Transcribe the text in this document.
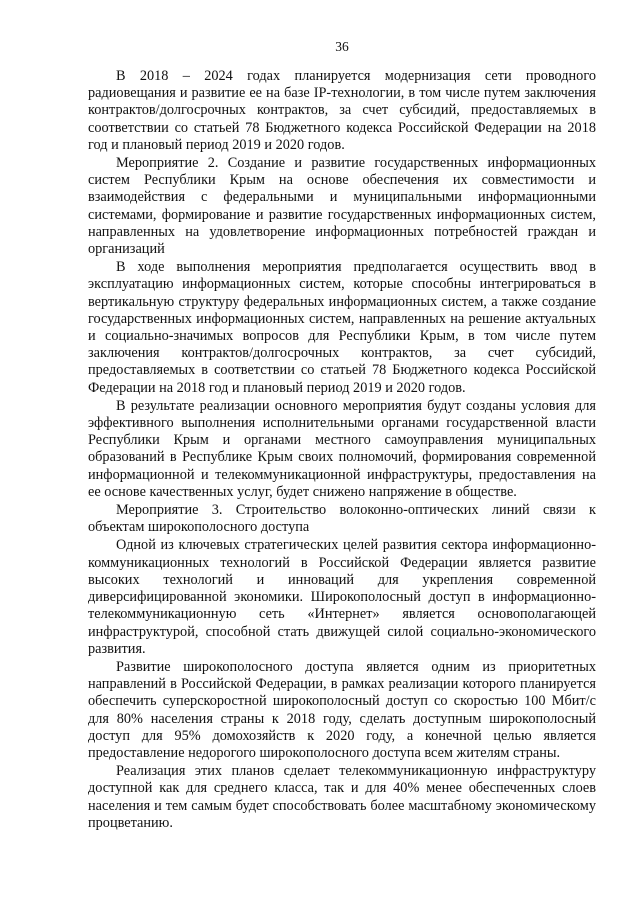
36

В 2018 – 2024 годах планируется модернизация сети проводного радиовещания и развитие ее на базе IP-технологии, в том числе путем заключения контрактов/долгосрочных контрактов, за счет субсидий, предоставляемых в соответствии со статьей 78 Бюджетного кодекса Российской Федерации на 2018 год и плановый период 2019 и 2020 годов.

Мероприятие 2. Создание и развитие государственных информационных систем Республики Крым на основе обеспечения их совместимости и взаимодействия с федеральными и муниципальными информационными системами, формирование и развитие государственных информационных систем, направленных на удовлетворение информационных потребностей граждан и организаций

В ходе выполнения мероприятия предполагается осуществить ввод в эксплуатацию информационных систем, которые способны интегрироваться в вертикальную структуру федеральных информационных систем, а также создание государственных информационных систем, направленных на решение актуальных и социально-значимых вопросов для Республики Крым, в том числе путем заключения контрактов/долгосрочных контрактов, за счет субсидий, предоставляемых в соответствии со статьей 78 Бюджетного кодекса Российской Федерации на 2018 год и плановый период 2019 и 2020 годов.

В результате реализации основного мероприятия будут созданы условия для эффективного выполнения исполнительными органами государственной власти Республики Крым и органами местного самоуправления муниципальных образований в Республике Крым своих полномочий, формирования современной информационной и телекоммуникационной инфраструктуры, предоставления на ее основе качественных услуг, будет снижено напряжение в обществе.

Мероприятие 3. Строительство волоконно-оптических линий связи к объектам широкополосного доступа

Одной из ключевых стратегических целей развития сектора информационно-коммуникационных технологий в Российской Федерации является развитие высоких технологий и инноваций для укрепления современной диверсифицированной экономики. Широкополосный доступ в информационно-телекоммуникационную сеть «Интернет» является основополагающей инфраструктурой, способной стать движущей силой социально-экономического развития.

Развитие широкополосного доступа является одним из приоритетных направлений в Российской Федерации, в рамках реализации которого планируется обеспечить суперскоростной широкополосный доступ со скоростью 100 Мбит/с для 80% населения страны к 2018 году, сделать доступным широкополосный доступ для 95% домохозяйств к 2020 году, а конечной целью является предоставление недорогого широкополосного доступа всем жителям страны.

Реализация этих планов сделает телекоммуникационную инфраструктуру доступной как для среднего класса, так и для 40% менее обеспеченных слоев населения и тем самым будет способствовать более масштабному экономическому процветанию.
